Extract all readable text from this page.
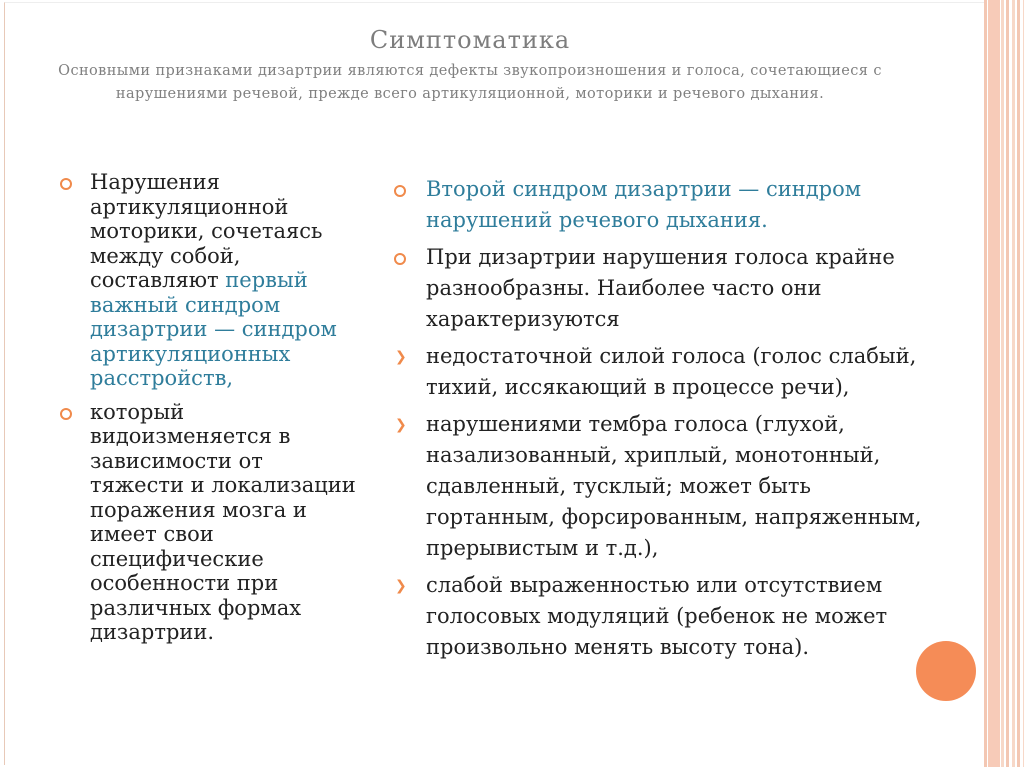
Симптоматика
Основными признаками дизартрии являются дефекты звукопроизношения и голоса, сочетающиеся с нарушениями речевой, прежде всего артикуляционной, моторики и речевого дыхания.
Нарушения артикуляционной моторики, сочетаясь между собой, составляют первый важный синдром дизартрии — синдром артикуляционных расстройств,
который видоизменяется в зависимости от тяжести и локализации поражения мозга и имеет свои специфические особенности при различных формах дизартрии.
Второй синдром дизартрии — синдром нарушений речевого дыхания.
При дизартрии нарушения голоса крайне разнообразны. Наиболее часто они характеризуются
❯ недостаточной силой голоса (голос слабый, тихий, иссякающий в процессе речи),
❯ нарушениями тембра голоса (глухой, назализованный, хриплый, монотонный, сдавленный, тусклый; может быть гортанным, форсированным, напряженным, прерывистым и т.д.),
❯ слабой выраженностью или отсутствием голосовых модуляций (ребенок не может произвольно менять высоту тона).
